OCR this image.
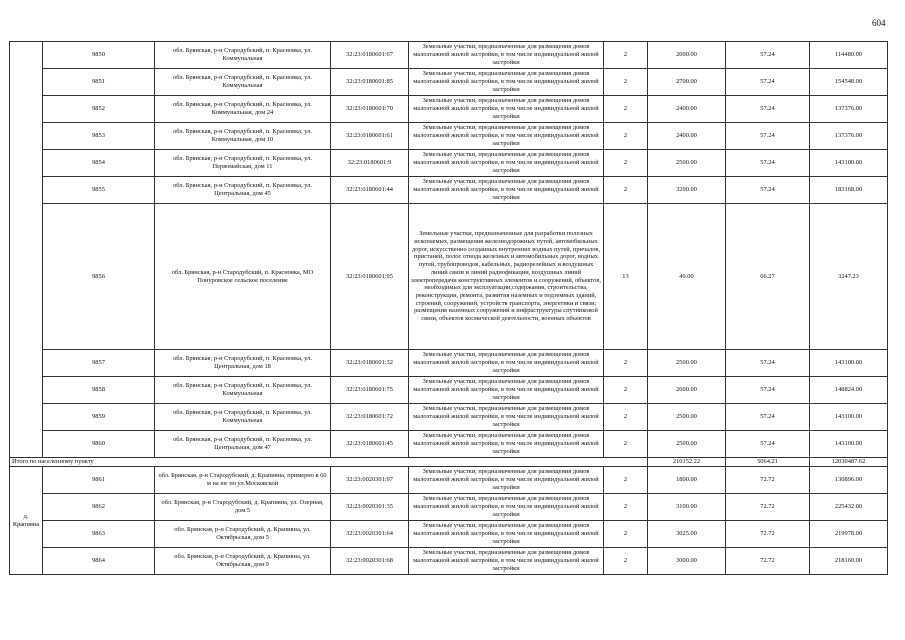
604
	9850	обл. Брянская, р-н Стародубский, п. Красновка, ул. Коммунальная	32:23:0180601:67	Земельные участки, предназначенные для размещения домов малоэтажной жилой застройки, в том числе индивидуальной жилой застройки	2	2000.00	57.24	114480.00
	9851	обл. Брянская, р-н Стародубский, п. Красновка, ул. Коммунальная	32:23:0180601:85	Земельные участки, предназначенные для размещения домов малоэтажной жилой застройки, в том числе индивидуальной жилой застройки	2	2700.00	57.24	154548.00
	9852	обл. Брянская, р-н Стародубский, п. Красновка, ул. Коммунальная, дом 24	32:23:0180601:70	Земельные участки, предназначенные для размещения домов малоэтажной жилой застройки, в том числе индивидуальной жилой застройки	2	2400.00	57.24	137376.00
	9853	обл. Брянская, р-н Стародубский, п. Красновка, ул. Коммунальная, дом 10	32:23:0180601:61	Земельные участки, предназначенные для размещения домов малоэтажной жилой застройки, в том числе индивидуальной жилой застройки	2	2400.00	57.24	137376.00
	9854	обл. Брянская, р-н Стародубский, п. Красновка, ул. Первомайская, дом 11	32:23:0180601:9	Земельные участки, предназначенные для размещения домов малоэтажной жилой застройки, в том числе индивидуальной жилой застройки	2	2500.00	57.24	143100.00
	9855	обл. Брянская, р-н Стародубский, п. Красновка, ул. Центральная, дом 45	32:23:0180601:44	Земельные участки, предназначенные для размещения домов малоэтажной жилой застройки, в том числе индивидуальной жилой застройки	2	3200.00	57.24	183168.00
	9856	обл. Брянская, р-н Стародубский, п. Красновка, МО Понуровское сельское поселение	32:23:0180601:95	Земельные участки, предназначенные для разработки полезных ископаемых, размещения железнодорожных путей, автомобильных дорог, искусственно созданных внутренних водных путей, причалов, пристаней, полос отвода железных и автомобильных дорог, водных путей, трубопроводов, кабельных, радиорелейных и воздушных линий связи и линий радиофикации, воздушных линий электропередачи конструктивных элементов и сооружений, объектов, необходимых для эксплуатации,содержания, строительства, реконструкции, ремонта, развития наземных и подземных зданий, строений, сооружений, устройств транспорта, энергетики и связи; размещения наземных сооружений и инфраструктуры спутниковой связи, объектов космической деятельности, военных объектов	13	49.00	66.27	3247.23
	9857	обл. Брянская, р-н Стародубский, п. Красновка, ул. Центральная, дом 18	32:23:0180601:32	Земельные участки, предназначенные для размещения домов малоэтажной жилой застройки, в том числе индивидуальной жилой застройки	2	2500.00	57.24	143100.00
	9858	обл. Брянская, р-н Стародубский, п. Красновка, ул. Коммунальная	32:23:0180601:75	Земельные участки, предназначенные для размещения домов малоэтажной жилой застройки, в том числе индивидуальной жилой застройки	2	2600.00	57.24	148824.00
	9859	обл. Брянская, р-н Стародубский, п. Красновка, ул. Коммунальная	32:23:0180601:72	Земельные участки, предназначенные для размещения домов малоэтажной жилой застройки, в том числе индивидуальной жилой застройки	2	2500.00	57.24	143100.00
	9860	обл. Брянская, р-н Стародубский, п. Красновка, ул. Центральная, дом 47	32:23:0180601:45	Земельные участки, предназначенные для размещения домов малоэтажной жилой застройки, в том числе индивидуальной жилой застройки	2	2500.00	57.24	143100.00
Итого по населенному пункту						210152.22	5064.21	12030487.62
д. Крапивна	9861	обл. Брянская, р-н Стародубский, д. Крапивна, примерно в 60 м на юг по ул.Московской	32:23:0020301:97	Земельные участки, предназначенные для размещения домов малоэтажной жилой застройки, в том числе индивидуальной жилой застройки	2	1800.00	72.72	130896.00
	9862	обл. Брянская, р-н Стародубский, д. Крапивна, ул. Озерная, дом 5	32:23:0020301:35	Земельные участки, предназначенные для размещения домов малоэтажной жилой застройки, в том числе индивидуальной жилой застройки	2	3100.00	72.72	225432.00
	9863	обл. Брянская, р-н Стародубский, д. Крапивна, ул. Октябрьская, дом 5	32:23:0020301:64	Земельные участки, предназначенные для размещения домов малоэтажной жилой застройки, в том числе индивидуальной жилой застройки	2	3025.00	72.72	219978.00
	9864	обл. Брянская, р-н Стародубский, д. Крапивна, ул. Октябрьская, дом 9	32:23:0020301:68	Земельные участки, предназначенные для размещения домов малоэтажной жилой застройки, в том числе индивидуальной жилой застройки	2	3000.00	72.72	218160.00
